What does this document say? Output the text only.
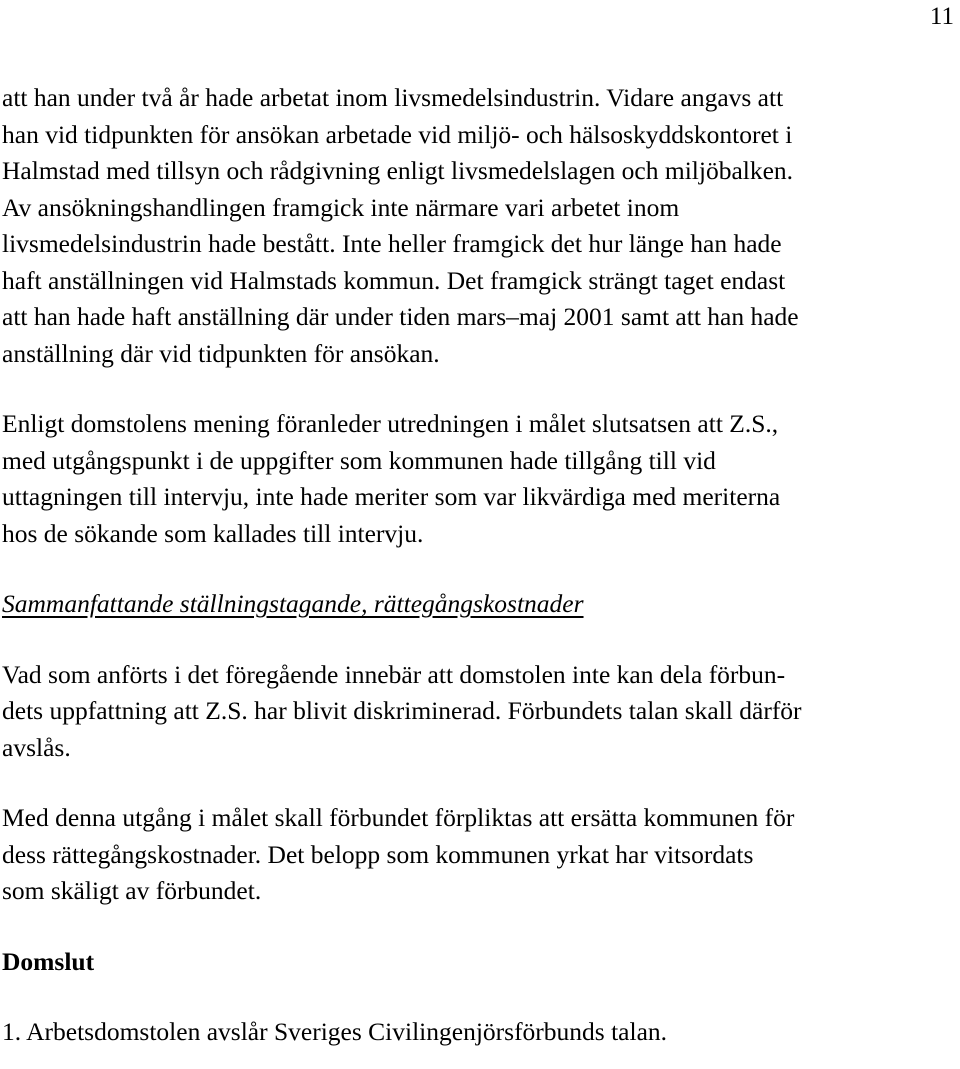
11

att han under två år hade arbetat inom livsmedelsindustrin. Vidare angavs att
han vid tidpunkten för ansökan arbetade vid miljö- och hälsoskyddskontoret i
Halmstad med tillsyn och rådgivning enligt livsmedelslagen och miljöbalken.
Av ansökningshandlingen framgick inte närmare vari arbetet inom
livsmedelsindustrin hade bestått. Inte heller framgick det hur länge han hade
haft anställningen vid Halmstads kommun. Det framgick strängt taget endast
att han hade haft anställning där under tiden mars–maj 2001 samt att han hade
anställning där vid tidpunkten för ansökan.

Enligt domstolens mening föranleder utredningen i målet slutsatsen att Z.S.,
med utgångspunkt i de uppgifter som kommunen hade tillgång till vid
uttagningen till intervju, inte hade meriter som var likvärdiga med meriterna
hos de sökande som kallades till intervju.

Sammanfattande ställningstagande, rättegångskostnader

Vad som anförts i det föregående innebär att domstolen inte kan dela förbun-
dets uppfattning att Z.S. har blivit diskriminerad. Förbundets talan skall därför
avslås.

Med denna utgång i målet skall förbundet förpliktas att ersätta kommunen för
dess rättegångskostnader. Det belopp som kommunen yrkat har vitsordats
som skäligt av förbundet.

Domslut

1. Arbetsdomstolen avslår Sveriges Civilingenjörsförbunds talan.
